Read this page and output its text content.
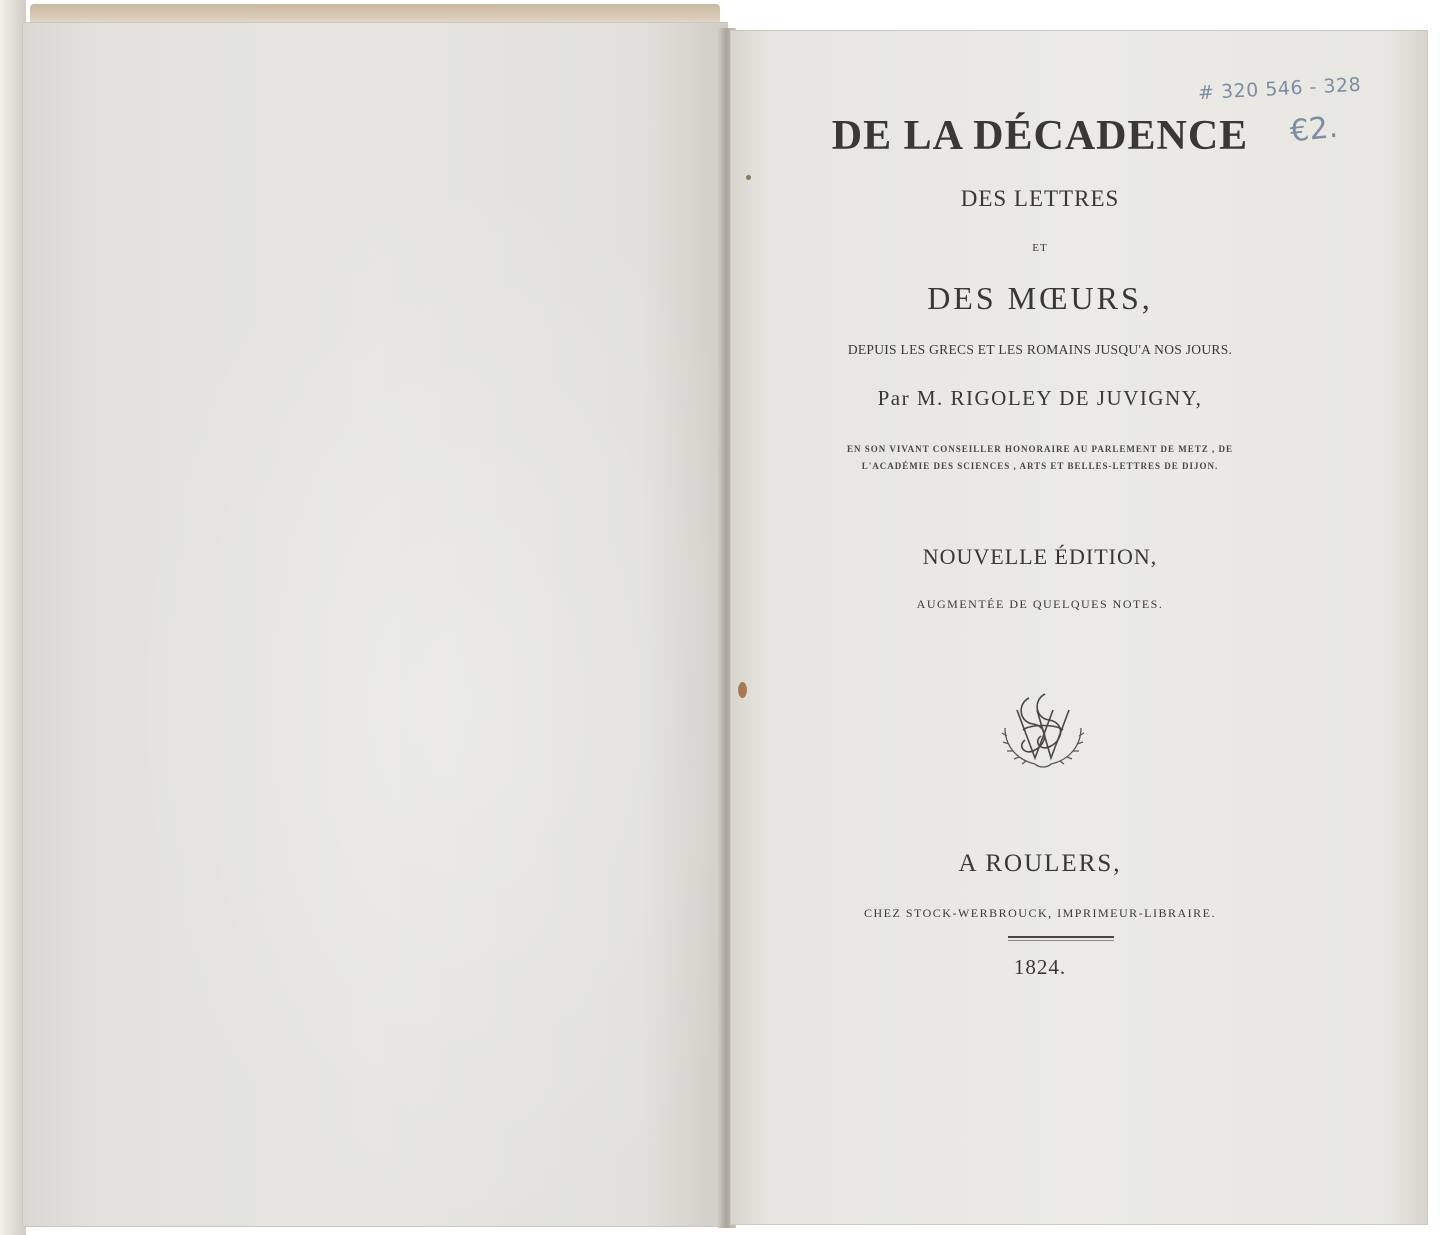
DE LA DÉCADENCE
DES LETTRES
ET
DES MŒURS,
DEPUIS LES GRECS ET LES ROMAINS JUSQU'A NOS JOURS.
Par M. RIGOLEY DE JUVIGNY,
EN SON VIVANT CONSEILLER HONORAIRE AU PARLEMENT DE METZ , DE
L'ACADÉMIE DES SCIENCES , ARTS ET BELLES-LETTRES DE DIJON.
NOUVELLE ÉDITION,
AUGMENTÉE DE QUELQUES NOTES.
A ROULERS,
CHEZ STOCK-WERBROUCK, IMPRIMEUR-LIBRAIRE.
1824.
# 320 546 - 328
€2.
